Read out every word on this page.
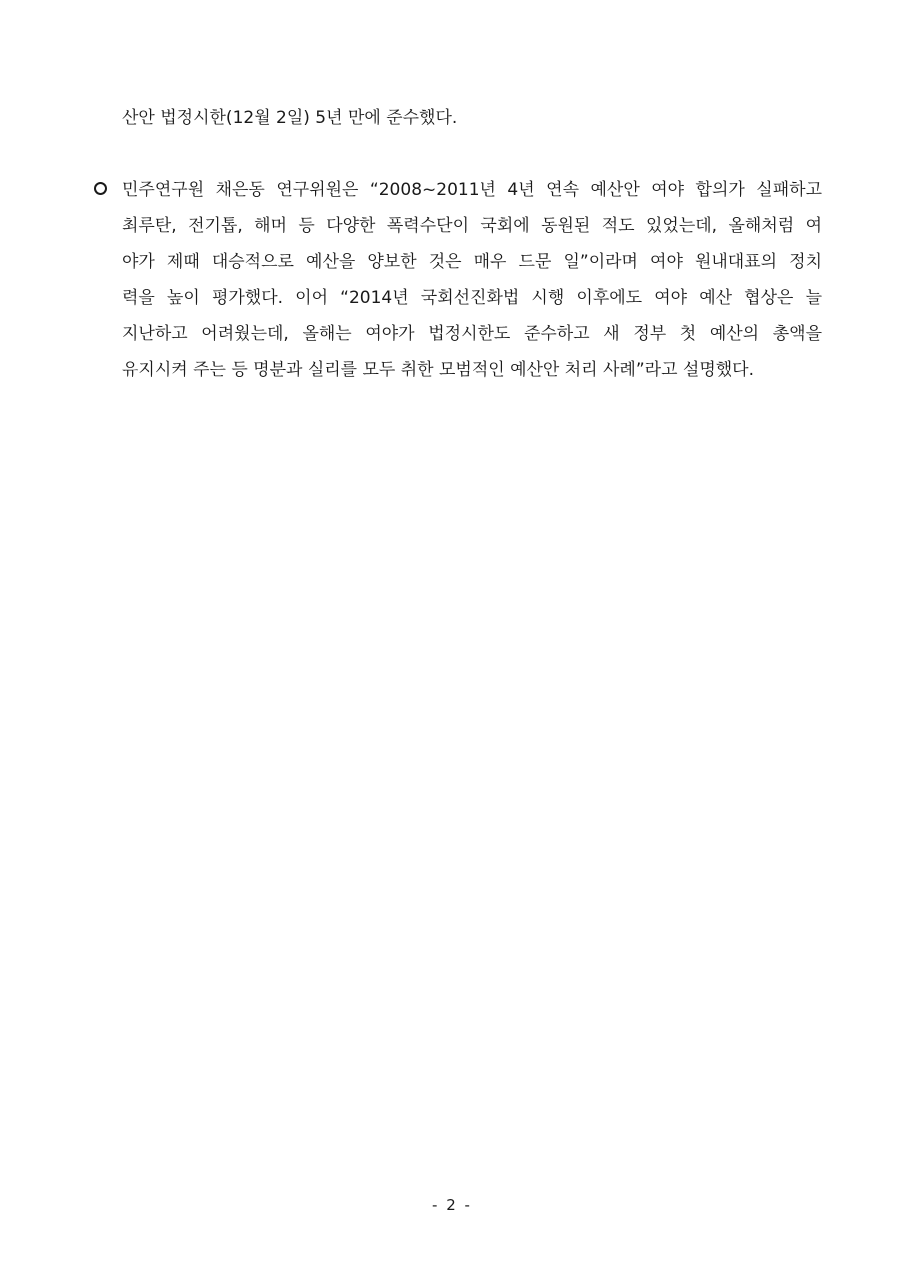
산안 법정시한(12월 2일) 5년 만에 준수했다.
민주연구원 채은동 연구위원은 “2008~2011년 4년 연속 예산안 여야 합의가 실패하고
최루탄, 전기톱, 해머 등 다양한 폭력수단이 국회에 동원된 적도 있었는데, 올해처럼 여
야가 제때 대승적으로 예산을 양보한 것은 매우 드문 일”이라며 여야 원내대표의 정치
력을 높이 평가했다. 이어 “2014년 국회선진화법 시행 이후에도 여야 예산 협상은 늘
지난하고 어려웠는데, 올해는 여야가 법정시한도 준수하고 새 정부 첫 예산의 총액을
유지시켜 주는 등 명분과 실리를 모두 취한 모범적인 예산안 처리 사례”라고 설명했다.
- 2 -
